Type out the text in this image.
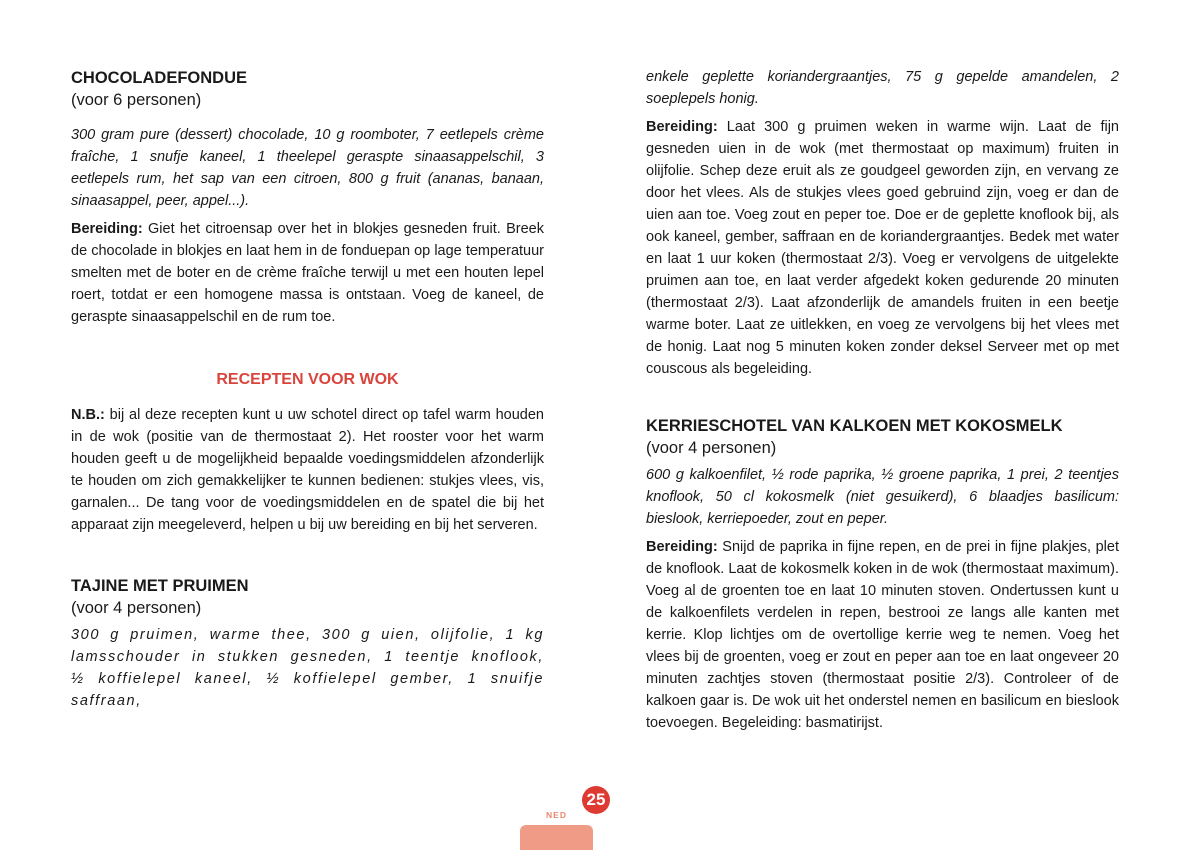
CHOCOLADEFONDUE

(voor 6 personen)

300 gram pure (dessert) chocolade, 10 g roomboter, 7 eetlepels crème fraîche, 1 snufje kaneel, 1 theelepel geraspte sinaasappelschil, 3 eetlepels rum, het sap van een citroen, 800 g fruit (ananas, banaan, sinaasappel, peer, appel...).

Bereiding: Giet het citroensap over het in blokjes gesneden fruit. Breek de chocolade in blokjes en laat hem in de fonduepan op lage temperatuur smelten met de boter en de crème fraîche terwijl u met een houten lepel roert, totdat er een homogene massa is ontstaan. Voeg de kaneel, de geraspte sinaasappelschil en de rum toe.

RECEPTEN VOOR WOK

N.B.: bij al deze recepten kunt u uw schotel direct op tafel warm houden in de wok (positie van de thermostaat 2). Het rooster voor het warm houden geeft u de mogelijkheid bepaalde voedingsmiddelen afzonderlijk te houden om zich gemakkelijker te kunnen bedienen: stukjes vlees, vis, garnalen... De tang voor de voedingsmiddelen en de spatel die bij het apparaat zijn meegeleverd, helpen u bij uw bereiding en bij het serveren.

TAJINE MET PRUIMEN

(voor 4 personen)

300 g pruimen, warme thee, 300 g uien, olijfolie, 1 kg lamsschouder in stukken gesneden, 1 teentje knoflook, ½ koffielepel kaneel, ½ koffielepel gember, 1 snuifje saffraan,

enkele geplette koriandergraantjes, 75 g gepelde amandelen, 2 soeplepels honig.

Bereiding: Laat 300 g pruimen weken in warme wijn. Laat de fijn gesneden uien in de wok (met thermostaat op maximum) fruiten in olijfolie. Schep deze eruit als ze goudgeel geworden zijn, en vervang ze door het vlees. Als de stukjes vlees goed gebruind zijn, voeg er dan de uien aan toe. Voeg zout en peper toe. Doe er de geplette knoflook bij, als ook kaneel, gember, saffraan en de koriandergraantjes. Bedek met water en laat 1 uur koken (thermostaat 2/3). Voeg er vervolgens de uitgelekte pruimen aan toe, en laat verder afgedekt koken gedurende 20 minuten (thermostaat 2/3). Laat afzonderlijk de amandels fruiten in een beetje warme boter. Laat ze uitlekken, en voeg ze vervolgens bij het vlees met de honig. Laat nog 5 minuten koken zonder deksel Serveer met op met couscous als begeleiding.

KERRIESCHOTEL VAN KALKOEN MET KOKOSMELK

(voor 4 personen)

600 g kalkoenfilet, ½ rode paprika, ½ groene paprika, 1 prei, 2 teentjes knoflook, 50 cl kokosmelk (niet gesuikerd), 6 blaadjes basilicum: bieslook, kerriepoeder, zout en peper.

Bereiding: Snijd de paprika in fijne repen, en de prei in fijne plakjes, plet de knoflook. Laat de kokosmelk koken in de wok (thermostaat maximum). Voeg al de groenten toe en laat 10 minuten stoven. Ondertussen kunt u de kalkoenfilets verdelen in repen, bestrooi ze langs alle kanten met kerrie. Klop lichtjes om de overtollige kerrie weg te nemen. Voeg het vlees bij de groenten, voeg er zout en peper aan toe en laat ongeveer 20 minuten zachtjes stoven (thermostaat positie 2/3). Controleer of de kalkoen gaar is. De wok uit het onderstel nemen en basilicum en bieslook toevoegen. Begeleiding: basmatirijst.

25
NED
